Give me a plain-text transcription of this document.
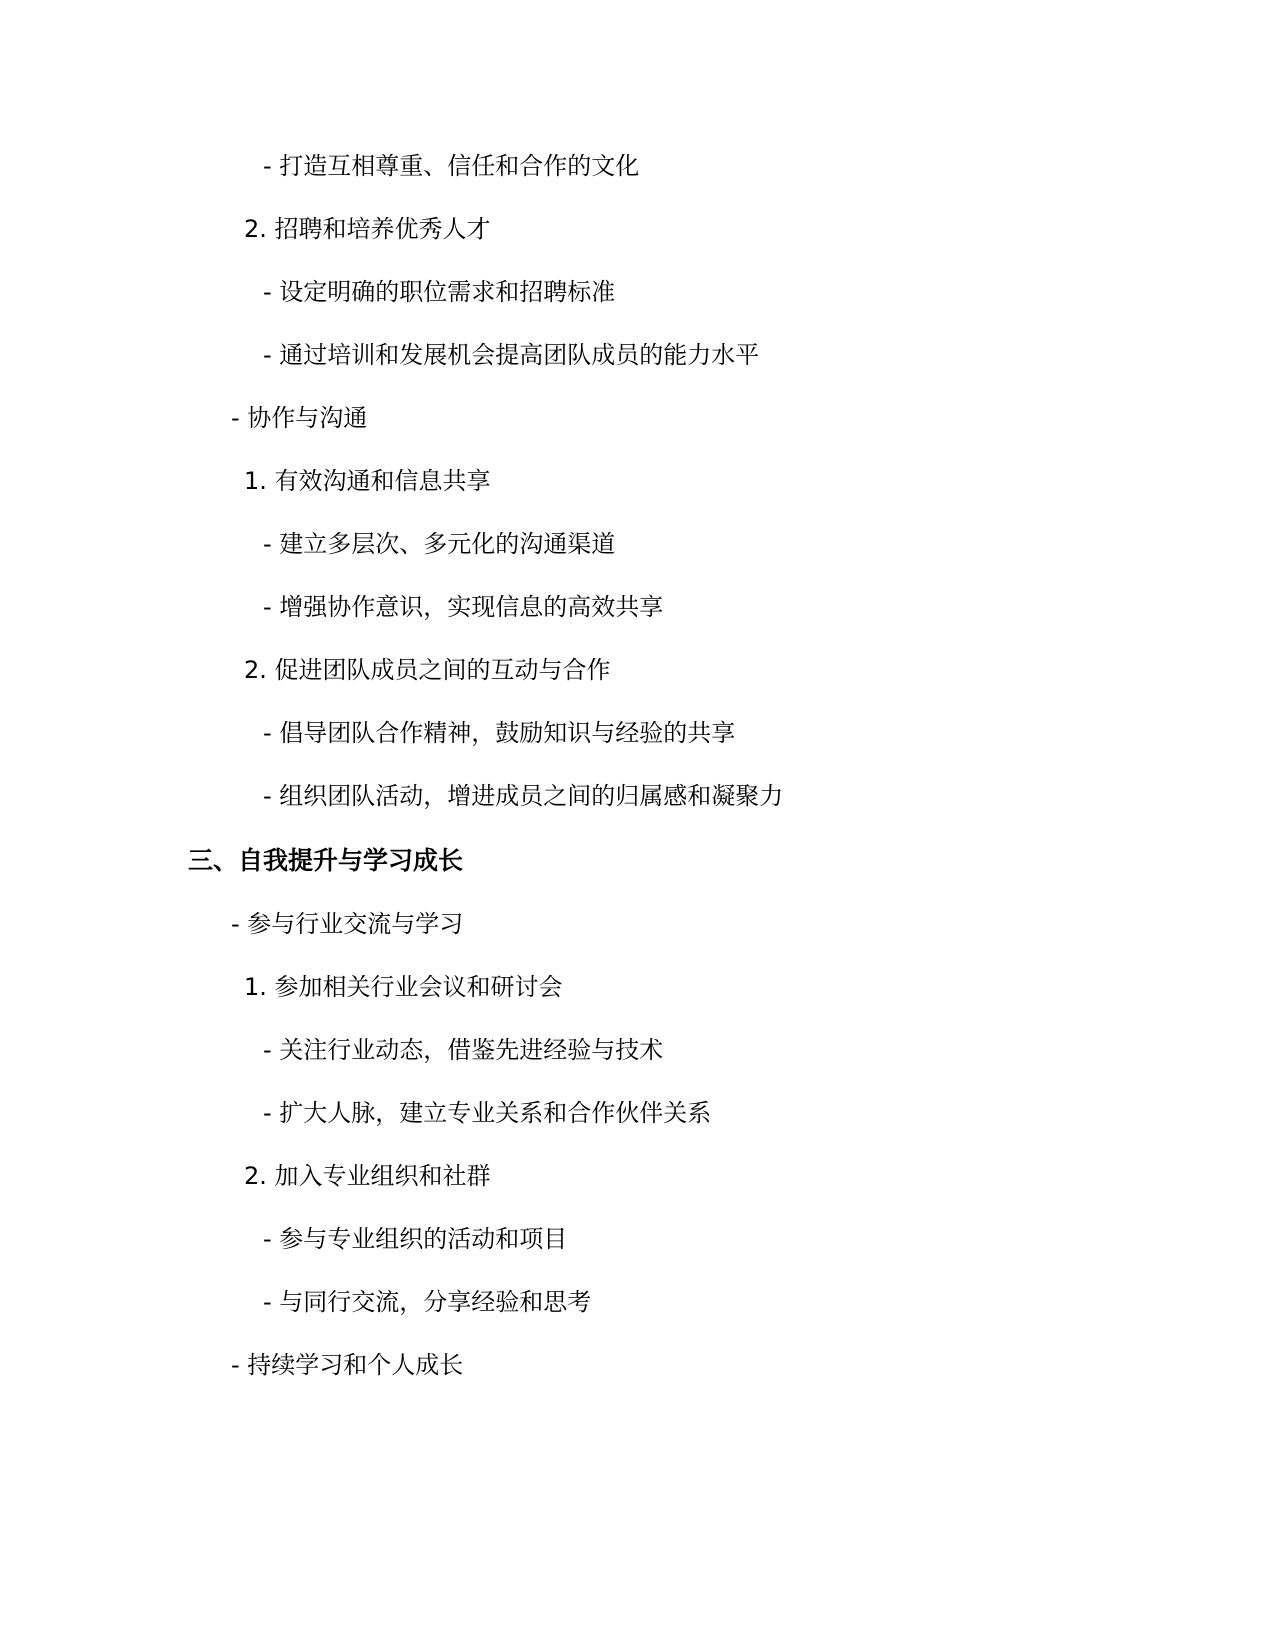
- 打造互相尊重、信任和合作的文化
2. 招聘和培养优秀人才
- 设定明确的职位需求和招聘标准
- 通过培训和发展机会提高团队成员的能力水平
- 协作与沟通
1. 有效沟通和信息共享
- 建立多层次、多元化的沟通渠道
- 增强协作意识，实现信息的高效共享
2. 促进团队成员之间的互动与合作
- 倡导团队合作精神，鼓励知识与经验的共享
- 组织团队活动，增进成员之间的归属感和凝聚力
三、自我提升与学习成长
- 参与行业交流与学习
1. 参加相关行业会议和研讨会
- 关注行业动态，借鉴先进经验与技术
- 扩大人脉，建立专业关系和合作伙伴关系
2. 加入专业组织和社群
- 参与专业组织的活动和项目
- 与同行交流，分享经验和思考
- 持续学习和个人成长
